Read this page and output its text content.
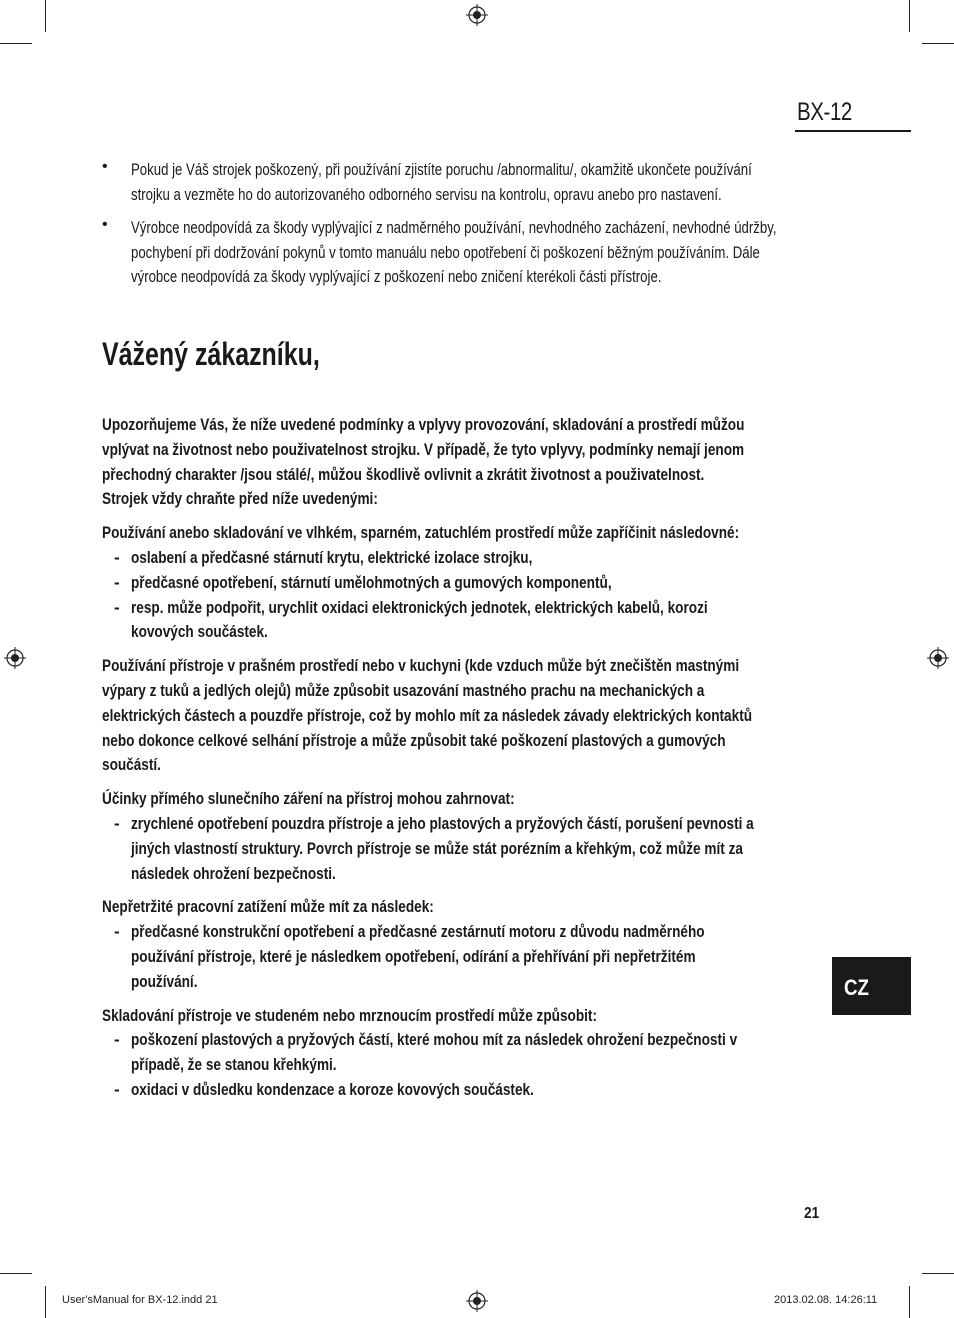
BX-12
• Pokud je Váš strojek poškozený, při používání zjistíte poruchu /abnormalitu/, okamžitě ukončete používání
strojku a vezměte ho do autorizovaného odborného servisu na kontrolu, opravu anebo pro nastavení.
• Výrobce neodpovídá za škody vyplývající z nadměrného používání, nevhodného zacházení, nevhodné údržby,
pochybení při dodržování pokynů v tomto manuálu nebo opotřebení či poškození běžným používáním. Dále
výrobce neodpovídá za škody vyplývající z poškození nebo zničení kterékoli části přístroje.
Vážený zákazníku,
Upozorňujeme Vás, že níže uvedené podmínky a vplyvy provozování, skladování a prostředí můžou
vplývat na životnost nebo použivatelnost strojku. V případě, že tyto vplyvy, podmínky nemají jenom
přechodný charakter /jsou stálé/, můžou škodlivě ovlivnit a zkrátit životnost a použivatelnost.
Strojek vždy chraňte před níže uvedenými:
Používání anebo skladování ve vlhkém, sparném, zatuchlém prostředí může zapříčinit následovné:
- oslabení a předčasné stárnutí krytu, elektrické izolace strojku,
- předčasné opotřebení, stárnutí umělohmotných a gumových komponentů,
- resp. může podpořit, urychlit oxidaci elektronických jednotek, elektrických kabelů, korozi
kovových součástek.
Používání přístroje v prašném prostředí nebo v kuchyni (kde vzduch může být znečištěn mastnými
výpary z tuků a jedlých olejů) může způsobit usazování mastného prachu na mechanických a
elektrických částech a pouzdře přístroje, což by mohlo mít za následek závady elektrických kontaktů
nebo dokonce celkové selhání přístroje a může způsobit také poškození plastových a gumových
součástí.
Účinky přímého slunečního záření na přístroj mohou zahrnovat:
- zrychlené opotřebení pouzdra přístroje a jeho plastových a pryžových částí, porušení pevnosti a
jiných vlastností struktury. Povrch přístroje se může stát porézním a křehkým, což může mít za
následek ohrožení bezpečnosti.
Nepřetržité pracovní zatížení může mít za následek:
- předčasné konstrukční opotřebení a předčasné zestárnutí motoru z důvodu nadměrného
používání přístroje, které je následkem opotřebení, odírání a přehřívání při nepřetržitém
používání.
Skladování přístroje ve studeném nebo mrznoucím prostředí může způsobit:
- poškození plastových a pryžových částí, které mohou mít za následek ohrožení bezpečnosti v
případě, že se stanou křehkými.
- oxidaci v důsledku kondenzace a koroze kovových součástek.
CZ
21
User'sManual for BX-12.indd 21	2013.02.08. 14:26:11
